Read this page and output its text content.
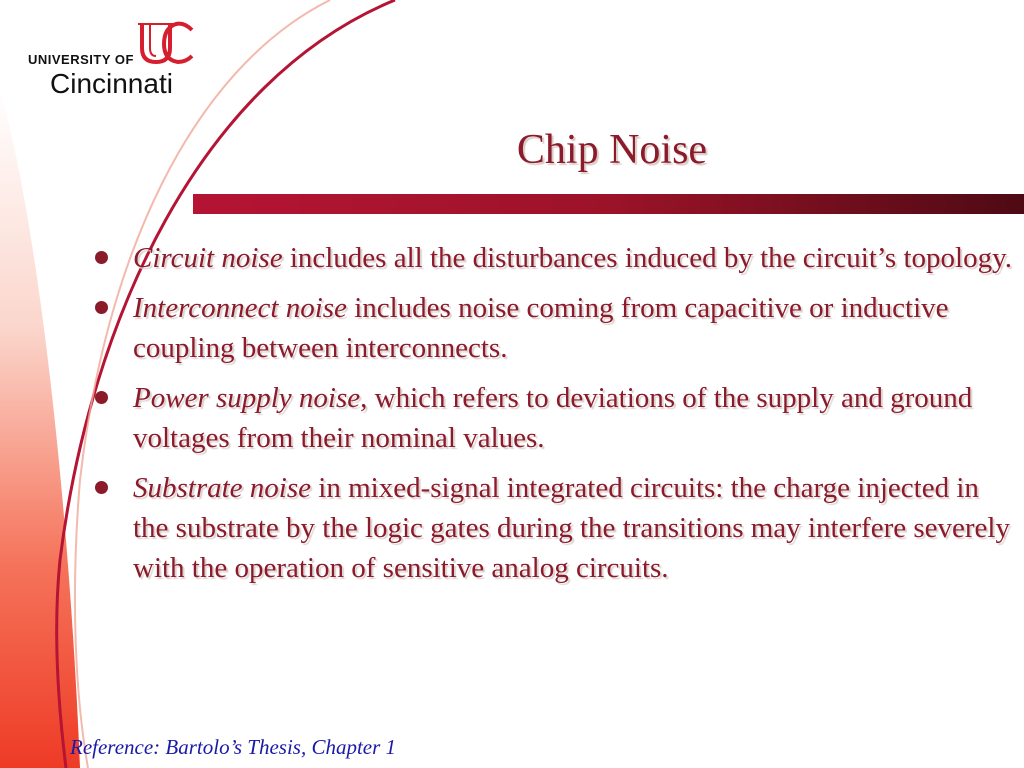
UNIVERSITY OF
Cincinnati
Chip Noise
Circuit noise includes all the disturbances induced by the circuit’s topology.
Interconnect noise includes noise coming from capacitive or inductive coupling between interconnects.
Power supply noise, which refers to deviations of the supply and ground voltages from their nominal values.
Substrate noise in mixed-signal integrated circuits: the charge injected in the substrate by the logic gates during the transitions may interfere severely with the operation of sensitive analog circuits.
Reference: Bartolo’s Thesis, Chapter 1
